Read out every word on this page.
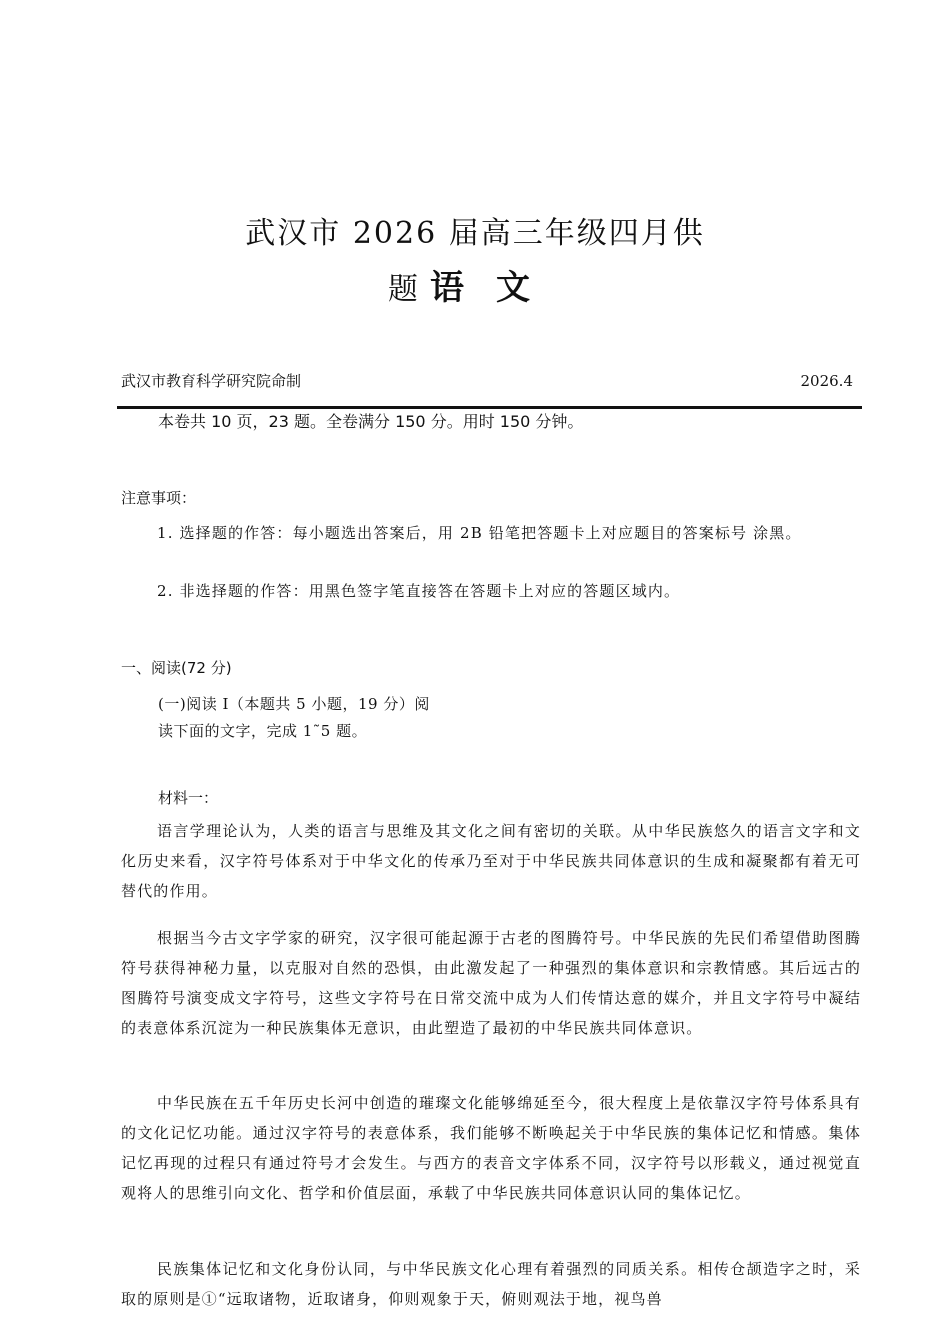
武汉市 2026 届高三年级四月供
题 语文
武汉市教育科学研究院命制	2026.4
本卷共 10 页，23 题。全卷满分 150 分。用时 150 分钟。
注意事项：
1. 选择题的作答：每小题选出答案后，用 2B 铅笔把答题卡上对应题目的答案标号 涂黑。
2. 非选择题的作答：用黑色签字笔直接答在答题卡上对应的答题区域内。
一、阅读(72 分)
(一)阅读 I（本题共 5 小题，19 分）阅读下面的文字，完成 1˜5 题。
材料一：
语言学理论认为，人类的语言与思维及其文化之间有密切的关联。从中华民族悠久的语言文字和文化历史来看，汉字符号体系对于中华文化的传承乃至对于中华民族共同体意识的生成和凝聚都有着无可替代的作用。
根据当今古文字学家的研究，汉字很可能起源于古老的图腾符号。中华民族的先民们希望借助图腾符号获得神秘力量，以克服对自然的恐惧，由此激发起了一种强烈的集体意识和宗教情感。其后远古的图腾符号演变成文字符号，这些文字符号在日常交流中成为人们传情达意的媒介，并且文字符号中凝结的表意体系沉淀为一种民族集体无意识，由此塑造了最初的中华民族共同体意识。
中华民族在五千年历史长河中创造的璀璨文化能够绵延至今，很大程度上是依靠汉字符号体系具有的文化记忆功能。通过汉字符号的表意体系，我们能够不断唤起关于中华民族的集体记忆和情感。集体记忆再现的过程只有通过符号才会发生。与西方的表音文字体系不同，汉字符号以形载义，通过视觉直观将人的思维引向文化、哲学和价值层面，承载了中华民族共同体意识认同的集体记忆。
民族集体记忆和文化身份认同，与中华民族文化心理有着强烈的同质关系。相传仓颉造字之时，采取的原则是①“远取诸物，近取诸身，仰则观象于天，俯则观法于地，视鸟兽
